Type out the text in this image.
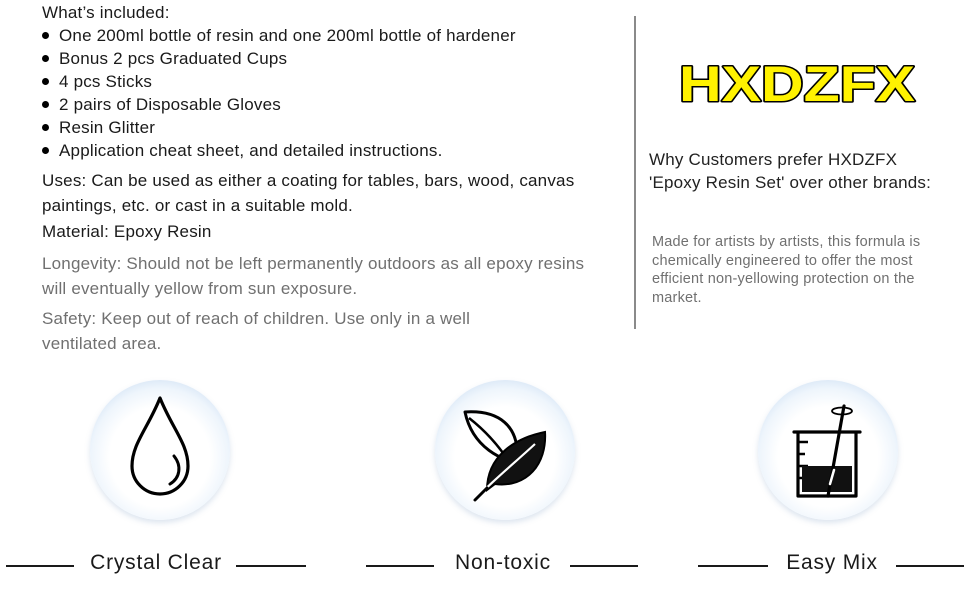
What’s included:
One 200ml bottle of resin and one 200ml bottle of hardener
Bonus 2 pcs Graduated Cups
4 pcs Sticks
2 pairs of Disposable Gloves
Resin Glitter
Application cheat sheet, and detailed instructions.
Uses: Can be used as either a coating for tables, bars, wood, canvas paintings, etc. or cast in a suitable mold.
Material: Epoxy Resin
Longevity: Should not be left permanently outdoors as all epoxy resins will eventually yellow from sun exposure.
Safety: Keep out of reach of children. Use only in a well ventilated area.
HXDZFX
Why Customers prefer HXDZFX 'Epoxy Resin Set' over other brands:
Made for artists by artists, this formula is chemically engineered to offer the most efficient non-yellowing protection on the market.
Crystal Clear	Non-toxic	Easy Mix
